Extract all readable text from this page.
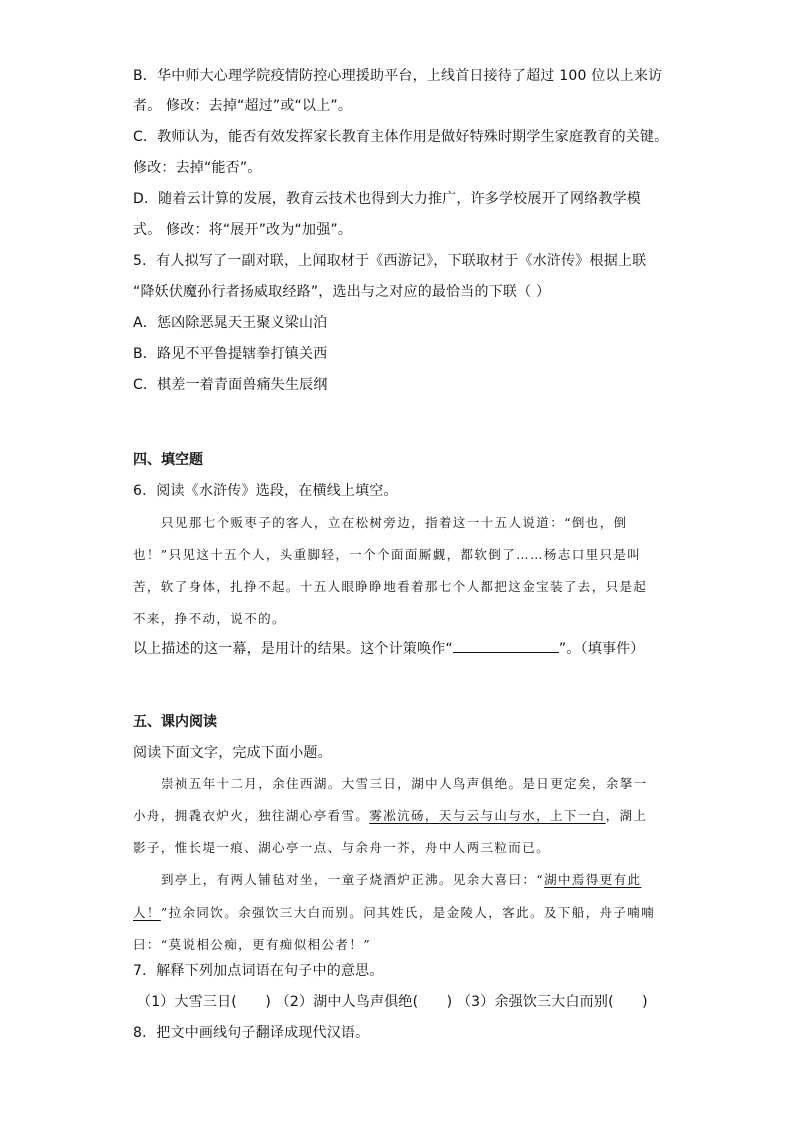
B．华中师大心理学院疫情防控心理援助平台，上线首日接待了超过 100 位以上来访

者。 修改：去掉“超过”或“以上”。

C．教师认为，能否有效发挥家长教育主体作用是做好特殊时期学生家庭教育的关键。

修改：去掉“能否”。

D．随着云计算的发展，教育云技术也得到大力推广，许多学校展开了网络教学模

式。 修改：将“展开”改为“加强”。

5．有人拟写了一副对联，上闻取材于《西游记》，下联取材于《水浒传》根据上联

“降妖伏魔孙行者扬威取经路”，选出与之对应的最恰当的下联（ ）

A．惩凶除恶晁天王聚义梁山泊

B．路见不平鲁提辖拳打镇关西

C．棋差一着青面兽痛失生辰纲

四、填空题

6．阅读《水浒传》选段，在横线上填空。

只见那七个贩枣子的客人，立在松树旁边，指着这一十五人说道：“倒也，倒

也！”只见这十五个人，头重脚轻，一个个面面厮觑，都软倒了……杨志口里只是叫

苦，软了身体，扎挣不起。十五人眼睁睁地看着那七个人都把这金宝装了去，只是起

不来，挣不动，说不的。

以上描述的这一幕，是用计的结果。这个计策唤作“	”。（填事件）

五、课内阅读

阅读下面文字，完成下面小题。

崇祯五年十二月，余住西湖。大雪三日，湖中人鸟声俱绝。是日更定矣，余拏一

小舟，拥毳衣炉火，独往湖心亭看雪。雾凇沆砀，天与云与山与水，上下一白，湖上

影子，惟长堤一痕、湖心亭一点、与余舟一芥，舟中人两三粒而已。

到亭上，有两人铺毡对坐，一童子烧酒炉正沸。见余大喜曰：“湖中焉得更有此

人！”拉余同饮。余强饮三大白而别。问其姓氏，是金陵人，客此。及下船，舟子喃喃

曰：“莫说相公痴，更有痴似相公者！”

7．解释下列加点词语在句子中的意思。

（1）大雪三日(　　) （2）湖中人鸟声俱绝(　　) （3）余强饮三大白而别(　　)

8．把文中画线句子翻译成现代汉语。
